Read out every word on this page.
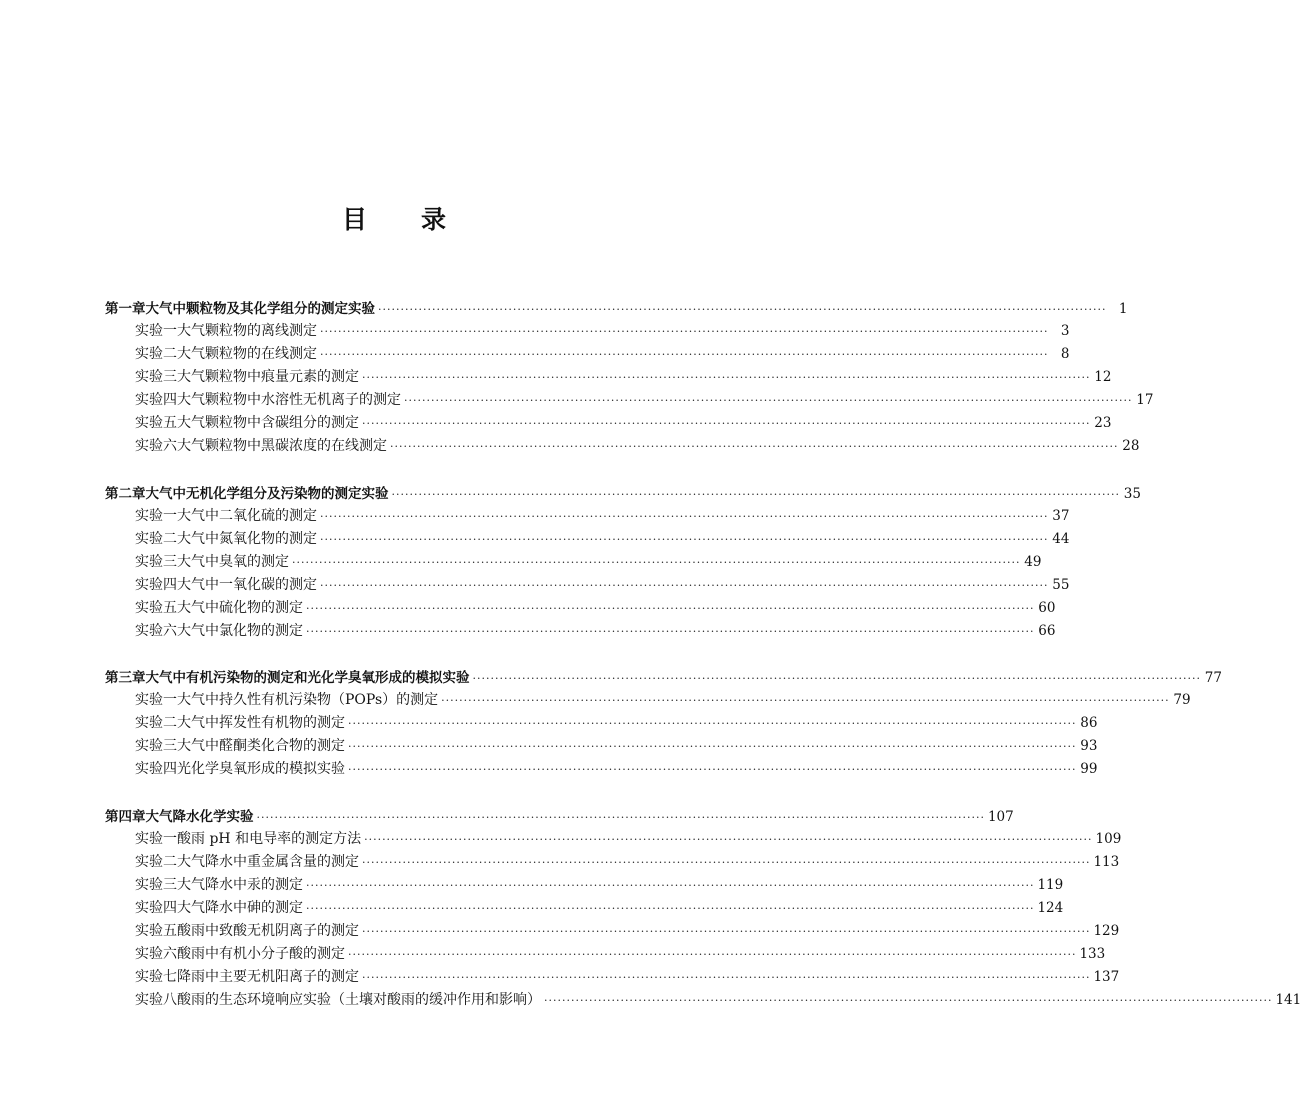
目 录
第一章 大气中颗粒物及其化学组分的测定实验 ·····	1
实验一 大气颗粒物的离线测定 ·····	3
实验二 大气颗粒物的在线测定 ·····	8
实验三 大气颗粒物中痕量元素的测定 ·····	12
实验四 大气颗粒物中水溶性无机离子的测定 ·····	17
实验五 大气颗粒物中含碳组分的测定 ·····	23
实验六 大气颗粒物中黑碳浓度的在线测定 ·····	28
第二章 大气中无机化学组分及污染物的测定实验 ·····	35
实验一 大气中二氧化硫的测定 ·····	37
实验二 大气中氮氧化物的测定 ·····	44
实验三 大气中臭氧的测定 ·····	49
实验四 大气中一氧化碳的测定 ·····	55
实验五 大气中硫化物的测定 ·····	60
实验六 大气中氯化物的测定 ·····	66
第三章 大气中有机污染物的测定和光化学臭氧形成的模拟实验 ·····	77
实验一 大气中持久性有机污染物（POPs）的测定 ·····	79
实验二 大气中挥发性有机物的测定 ·····	86
实验三 大气中醛酮类化合物的测定 ·····	93
实验四 光化学臭氧形成的模拟实验 ·····	99
第四章 大气降水化学实验 ·····	107
实验一 酸雨 pH 和电导率的测定方法 ·····	109
实验二 大气降水中重金属含量的测定 ·····	113
实验三 大气降水中汞的测定 ·····	119
实验四 大气降水中砷的测定 ·····	124
实验五 酸雨中致酸无机阴离子的测定 ·····	129
实验六 酸雨中有机小分子酸的测定 ·····	133
实验七 降雨中主要无机阳离子的测定 ·····	137
实验八 酸雨的生态环境响应实验（土壤对酸雨的缓冲作用和影响） ·····	141
